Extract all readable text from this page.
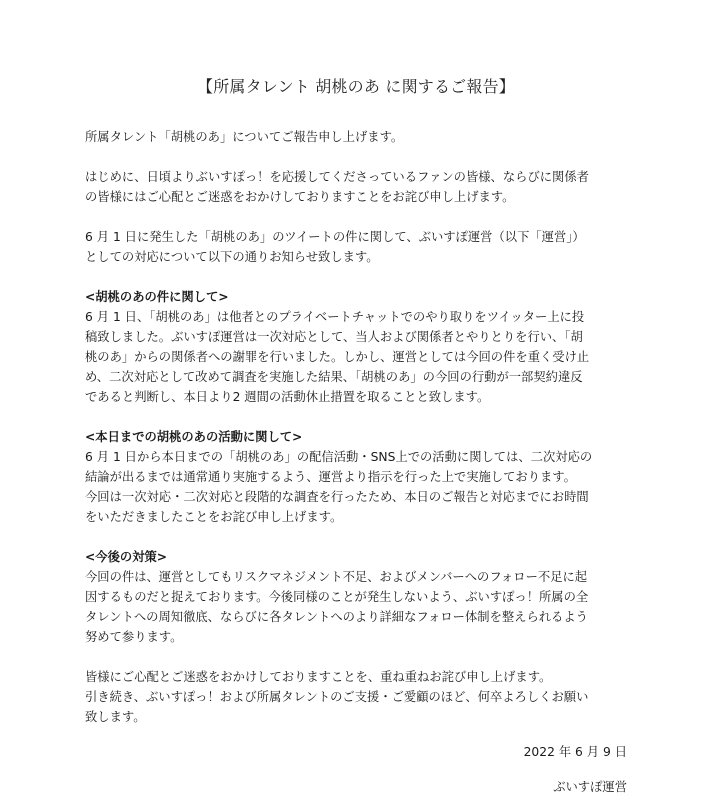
【所属タレント 胡桃のあ に関するご報告】

所属タレント「胡桃のあ」についてご報告申し上げます。

はじめに、日頃よりぶいすぽっ！を応援してくださっているファンの皆様、ならびに関係者

の皆様にはご心配とご迷惑をおかけしておりますことをお詫び申し上げます。

6 月 1 日に発生した「胡桃のあ」のツイートの件に関して、ぶいすぽ運営（以下「運営」）

としての対応について以下の通りお知らせ致します。

<胡桃のあの件に関して>

6 月 1 日、「胡桃のあ」は他者とのプライベートチャットでのやり取りをツイッター上に投

稿致しました。ぶいすぽ運営は一次対応として、当人および関係者とやりとりを行い、「胡

桃のあ」からの関係者への謝罪を行いました。しかし、運営としては今回の件を重く受け止

め、二次対応として改めて調査を実施した結果、「胡桃のあ」の今回の行動が一部契約違反

であると判断し、本日より2 週間の活動休止措置を取ることと致します。

<本日までの胡桃のあの活動に関して>

6 月 1 日から本日までの「胡桃のあ」の配信活動・SNS上での活動に関しては、二次対応の

結論が出るまでは通常通り実施するよう、運営より指示を行った上で実施しております。

今回は一次対応・二次対応と段階的な調査を行ったため、本日のご報告と対応までにお時間

をいただきましたことをお詫び申し上げます。

<今後の対策>

今回の件は、運営としてもリスクマネジメント不足、およびメンバーへのフォロー不足に起

因するものだと捉えております。今後同様のことが発生しないよう、ぶいすぽっ！所属の全

タレントへの周知徹底、ならびに各タレントへのより詳細なフォロー体制を整えられるよう

努めて参ります。

皆様にご心配とご迷惑をおかけしておりますことを、重ね重ねお詫び申し上げます。

引き続き、ぶいすぽっ！および所属タレントのご支援・ご愛顧のほど、何卒よろしくお願い

致します。

2022 年 6 月 9 日

ぶいすぽ運営
